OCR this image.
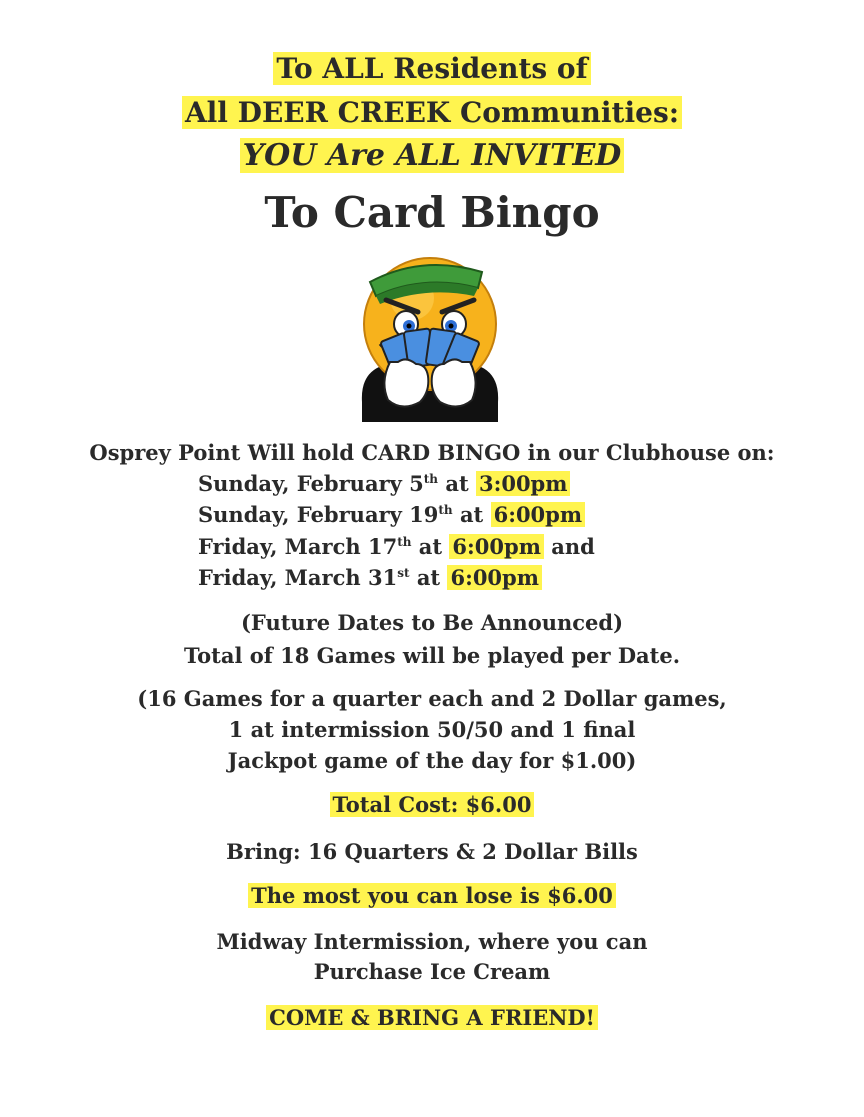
To ALL Residents of
All DEER CREEK Communities:
YOU Are ALL INVITED
To Card Bingo
Osprey Point Will hold CARD BINGO in our Clubhouse on:
Sunday, February 5th at 3:00pm
Sunday, February 19th at 6:00pm
Friday, March 17th at 6:00pm and
Friday, March 31st at 6:00pm
(Future Dates to Be Announced)
Total of 18 Games will be played per Date.
(16 Games for a quarter each and 2 Dollar games,
1 at intermission 50/50 and 1 final
Jackpot game of the day for $1.00)
Total Cost: $6.00
Bring: 16 Quarters & 2 Dollar Bills
The most you can lose is $6.00
Midway Intermission, where you can
Purchase Ice Cream
COME & BRING A FRIEND!
